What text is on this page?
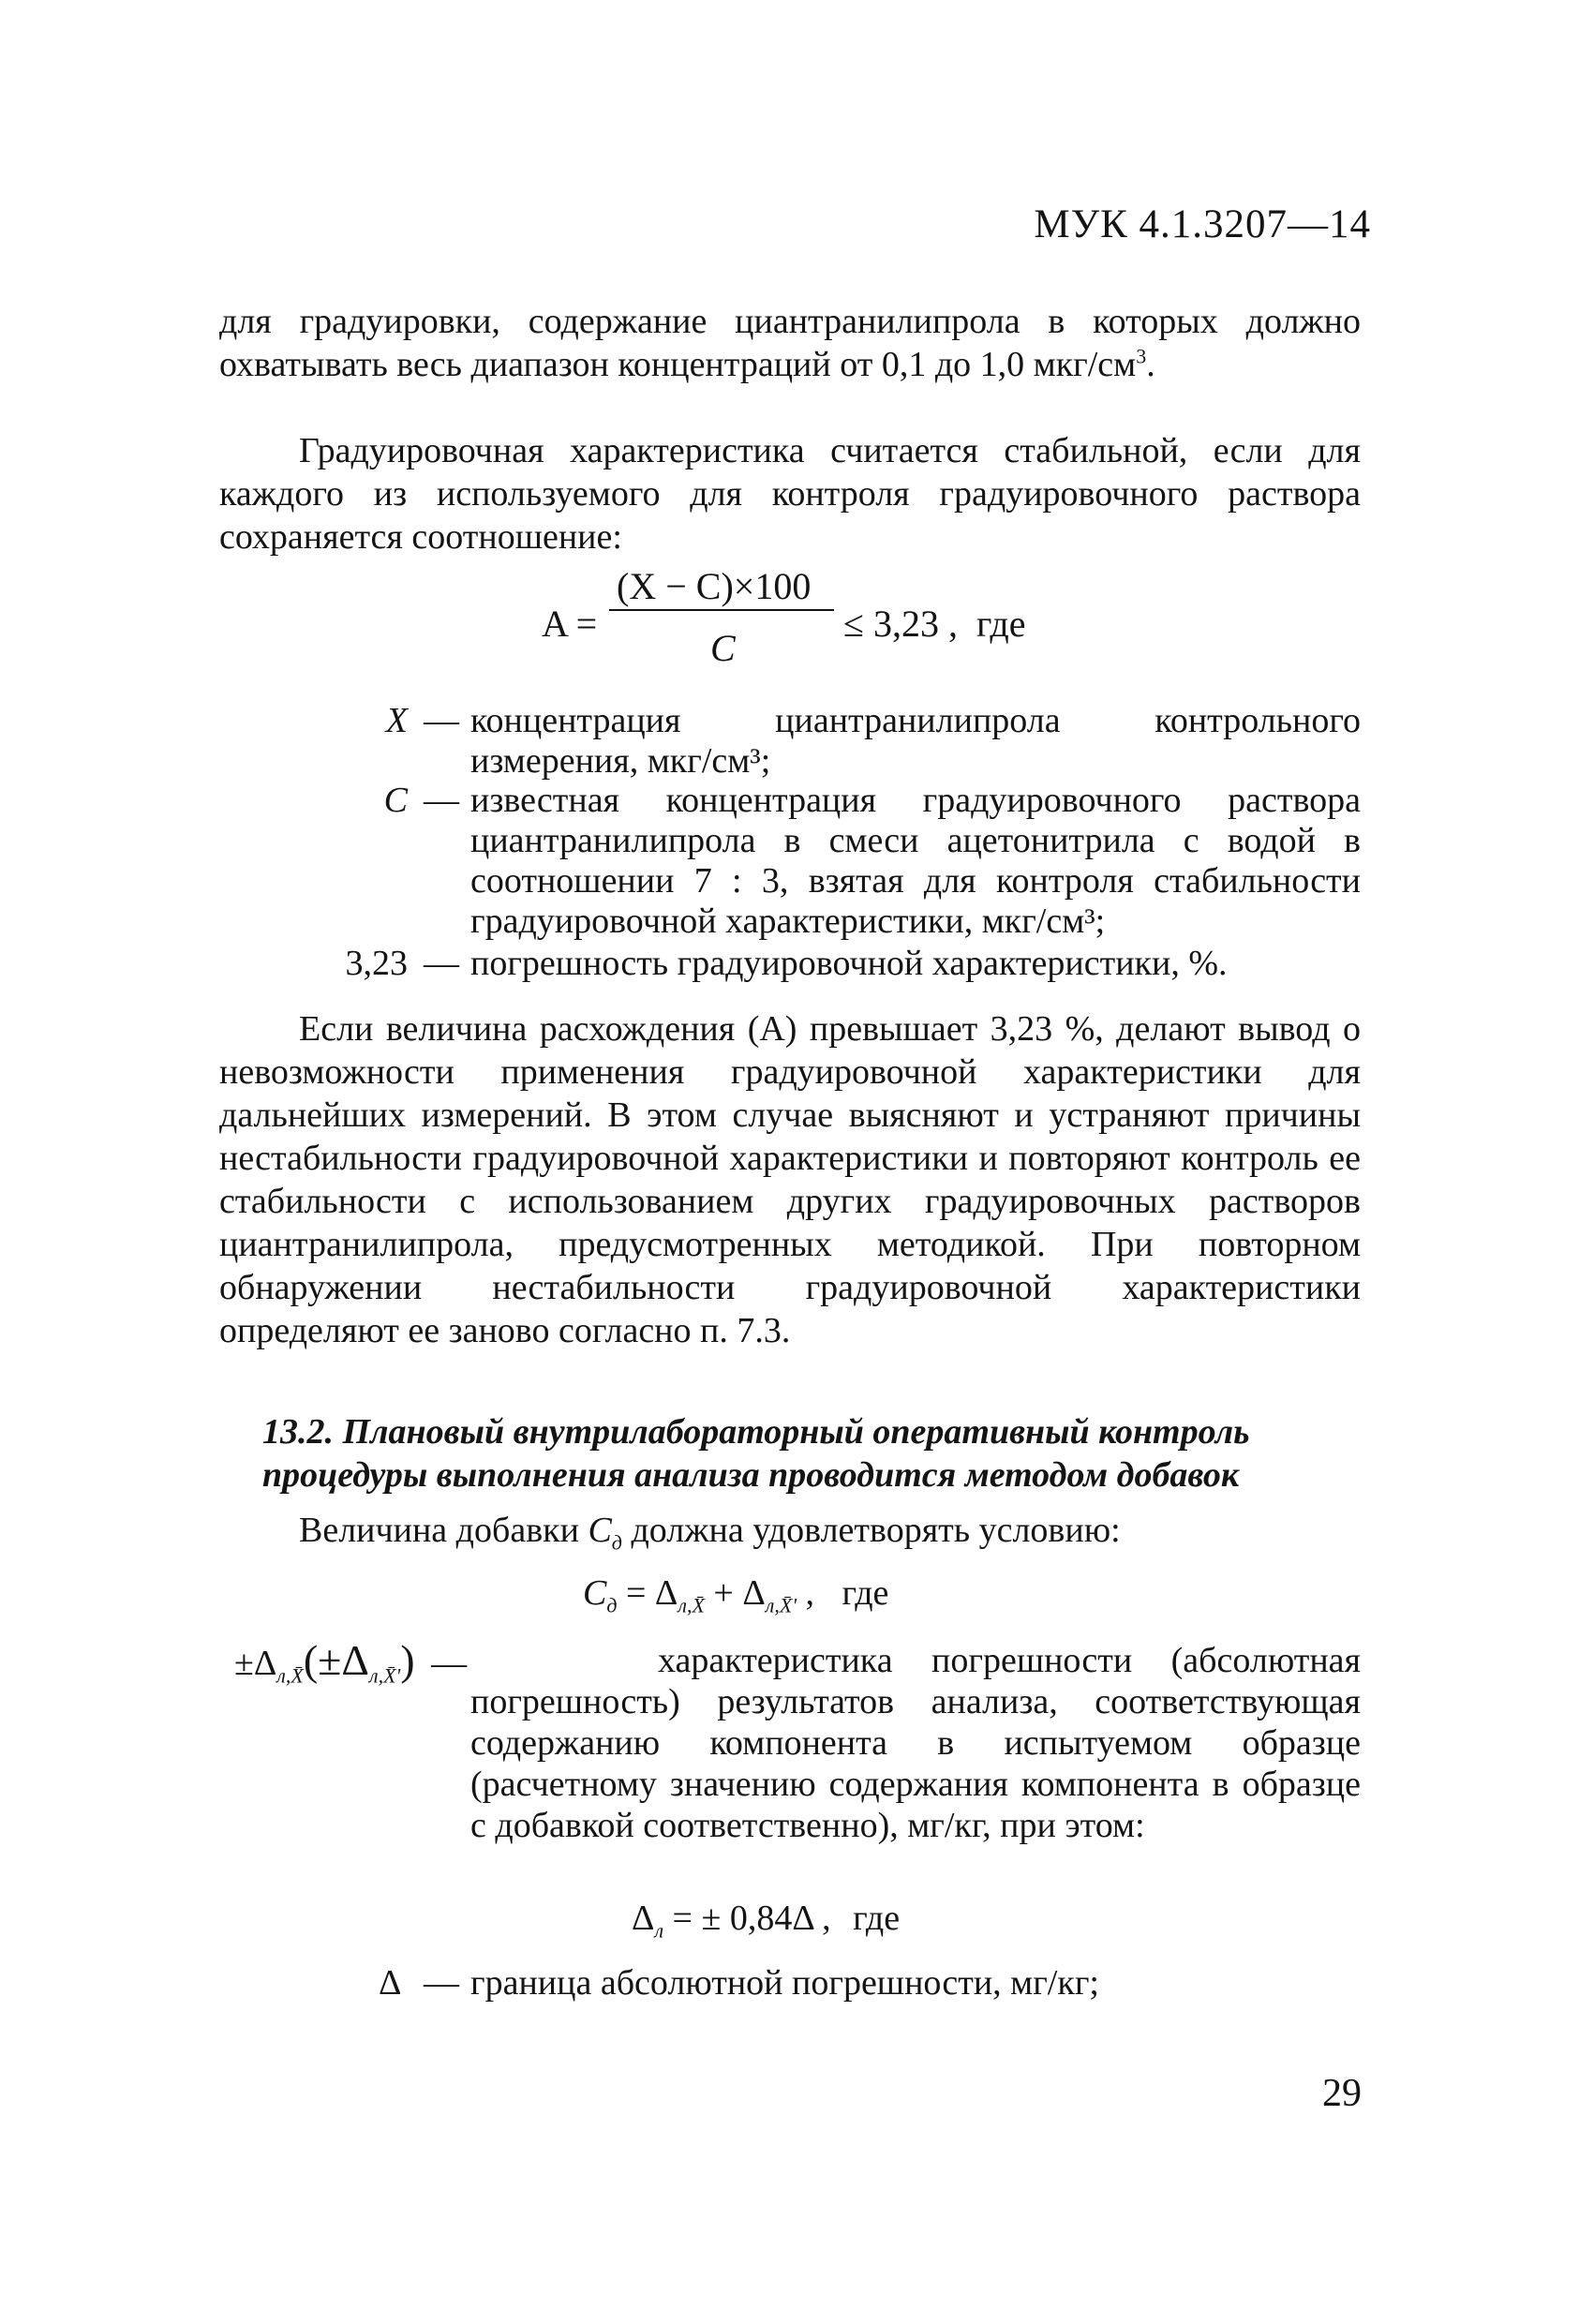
МУК 4.1.3207—14
для градуировки, содержание циантранилипрола в которых должно охватывать весь диапазон концентраций от 0,1 до 1,0 мкг/$см^3$.
Градуировочная характеристика считается стабильной, если для каждого из используемого для контроля градуировочного раствора сохраняется соотношение:
A =
(X − C)×100
C
≤ 3,23 , где
X — концентрация циантранилипрола контрольного измерения, мкг/см³;
C — известная концентрация градуировочного раствора циантранилипрола в смеси ацетонитрила с водой в соотношении 7 : 3, взятая для контроля стабильности градуировочной характеристики, мкг/см³;
3,23 — погрешность градуировочной характеристики, %.
Если величина расхождения (А) превышает 3,23 %, делают вывод о невозможности применения градуировочной характеристики для дальнейших измерений. В этом случае выясняют и устраняют причины нестабильности градуировочной характеристики и повторяют контроль ее стабильности с использованием других градуировочных растворов циантранилипрола, предусмотренных методикой. При повторном обнаружении нестабильности градуировочной характеристики определяют ее заново согласно п. 7.3.
13.2. Плановый внутрилабораторный оперативный контроль процедуры выполнения анализа проводится методом добавок
Величина добавки $C_д$ должна удовлетворять условию:
$C_д = \Delta_{л,X̄} + \Delta_{л,X̄'}$ , где
$\pm\Delta_{л,X̄}(\pm\Delta_{л,X̄'})$ —	характеристика погрешности (абсолютная погрешность) результатов анализа, соответствующая содержанию компонента в испытуемом образце (расчетному значению содержания компонента в образце с добавкой соответственно), мг/кг, при этом:
$\Delta_л$ = ± 0,84Δ , где
Δ — граница абсолютной погрешности, мг/кг;
29
